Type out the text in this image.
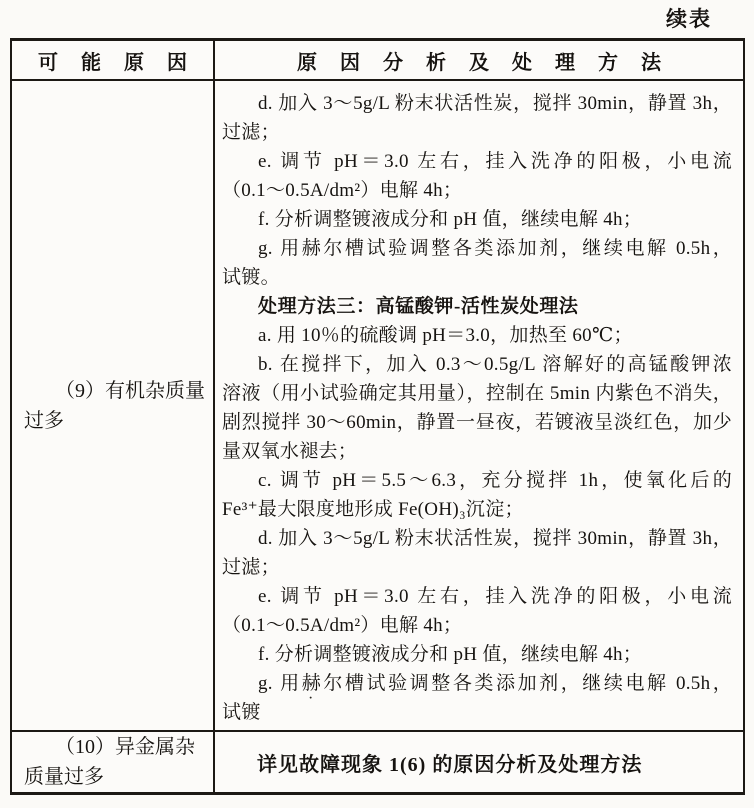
续表
可 能 原 因	原 因 分 析 及 处 理 方 法
（9）有机杂质量
过多
d. 加入 3～5g/L 粉末状活性炭，搅拌 30min，静置 3h，
过滤；
e. 调节 pH＝3.0 左右，挂入洗净的阳极，小电流
（0.1～0.5A/dm²）电解 4h；
f. 分析调整镀液成分和 pH 值，继续电解 4h；
g. 用赫尔槽试验调整各类添加剂，继续电解 0.5h，
试镀。
处理方法三：高锰酸钾-活性炭处理法
a. 用 10％的硫酸调 pH＝3.0，加热至 60℃；
b. 在搅拌下，加入 0.3～0.5g/L 溶解好的高锰酸钾浓
溶液（用小试验确定其用量），控制在 5min 内紫色不消失，
剧烈搅拌 30～60min，静置一昼夜，若镀液呈淡红色，加少
量双氧水褪去；
c. 调节 pH＝5.5～6.3，充分搅拌 1h，使氧化后的
Fe³⁺最大限度地形成 Fe(OH)₃沉淀；
d. 加入 3～5g/L 粉末状活性炭，搅拌 30min，静置 3h，
过滤；
e. 调节 pH＝3.0 左右，挂入洗净的阳极，小电流
（0.1～0.5A/dm²）电解 4h；
f. 分析调整镀液成分和 pH 值，继续电解 4h；
g. 用赫尔槽试验调整各类添加剂，继续电解 0.5h，
试镀
（10）异金属杂
质量过多
详见故障现象 1(6) 的原因分析及处理方法
·
